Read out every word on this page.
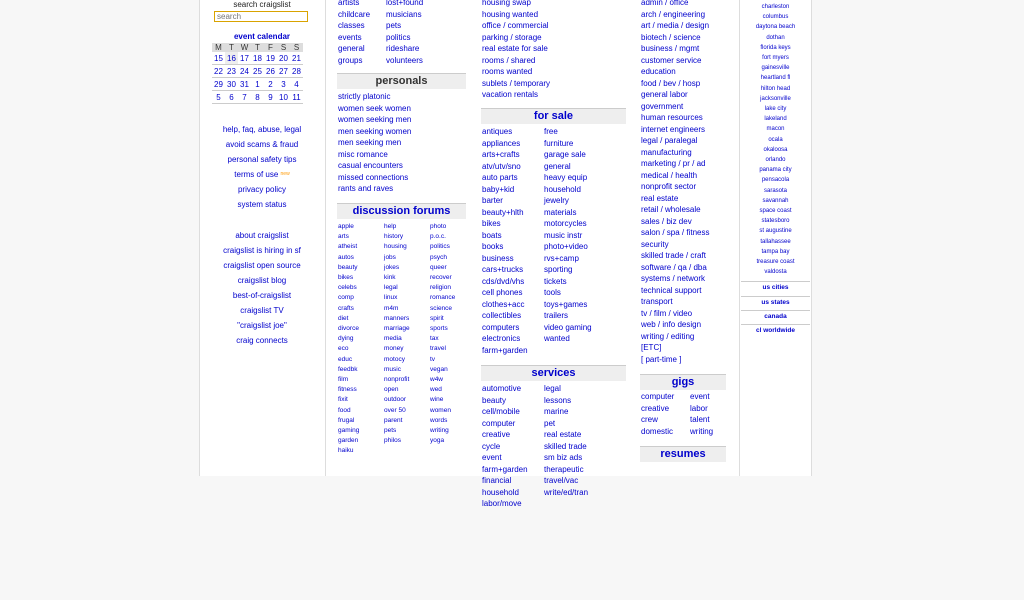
search craigslist
search
event calendar
M	T	W	T	F	S	S
15	16	17	18	19	20	21
22	23	24	25	26	27	28
29	30	31	1	2	3	4
5	6	7	8	9	10	11
help, faq, abuse, legal
avoid scams & fraud
personal safety tips
terms of use $^{new}$
privacy policy
system status
about craigslist
craigslist is hiring in sf
craigslist open source
craigslist blog
best-of-craigslist
craigslist TV
"craigslist joe"
craig connects
artists
childcare
classes
events
general
groups
lost+found
musicians
pets
politics
rideshare
volunteers
personals
strictly platonic
women seek women
women seeking men
men seeking women
men seeking men
misc romance
casual encounters
missed connections
rants and raves
discussion forums
apple
arts
atheist
autos
beauty
bikes
celebs
comp
crafts
diet
divorce
dying
eco
educ
feedbk
film
fitness
fixit
food
frugal
gaming
garden
haiku
help
history
housing
jobs
jokes
kink
legal
linux
m4m
manners
marriage
media
money
motocy
music
nonprofit
open
outdoor
over 50
parent
pets
philos
photo
p.o.c.
politics
psych
queer
recover
religion
romance
science
spirit
sports
tax
travel
tv
vegan
w4w
wed
wine
women
words
writing
yoga
housing swap
housing wanted
office / commercial
parking / storage
real estate for sale
rooms / shared
rooms wanted
sublets / temporary
vacation rentals
for sale
antiques
appliances
arts+crafts
atv/utv/sno
auto parts
baby+kid
barter
beauty+hlth
bikes
boats
books
business
cars+trucks
cds/dvd/vhs
cell phones
clothes+acc
collectibles
computers
electronics
farm+garden
free
furniture
garage sale
general
heavy equip
household
jewelry
materials
motorcycles
music instr
photo+video
rvs+camp
sporting
tickets
tools
toys+games
trailers
video gaming
wanted
services
automotive
beauty
cell/mobile
computer
creative
cycle
event
farm+garden
financial
household
labor/move
legal
lessons
marine
pet
real estate
skilled trade
sm biz ads
therapeutic
travel/vac
write/ed/tran
admin / office
arch / engineering
art / media / design
biotech / science
business / mgmt
customer service
education
food / bev / hosp
general labor
government
human resources
internet engineers
legal / paralegal
manufacturing
marketing / pr / ad
medical / health
nonprofit sector
real estate
retail / wholesale
sales / biz dev
salon / spa / fitness
security
skilled trade / craft
software / qa / dba
systems / network
technical support
transport
tv / film / video
web / info design
writing / editing
[ETC]
[ part-time ]
gigs
computer
creative
crew
domestic
event
labor
talent
writing
resumes
charleston
columbus
daytona beach
dothan
florida keys
fort myers
gainesville
heartland fl
hilton head
jacksonville
lake city
lakeland
macon
ocala
okaloosa
orlando
panama city
pensacola
sarasota
savannah
space coast
statesboro
st augustine
tallahassee
tampa bay
treasure coast
valdosta
us cities
us states
canada
cl worldwide
